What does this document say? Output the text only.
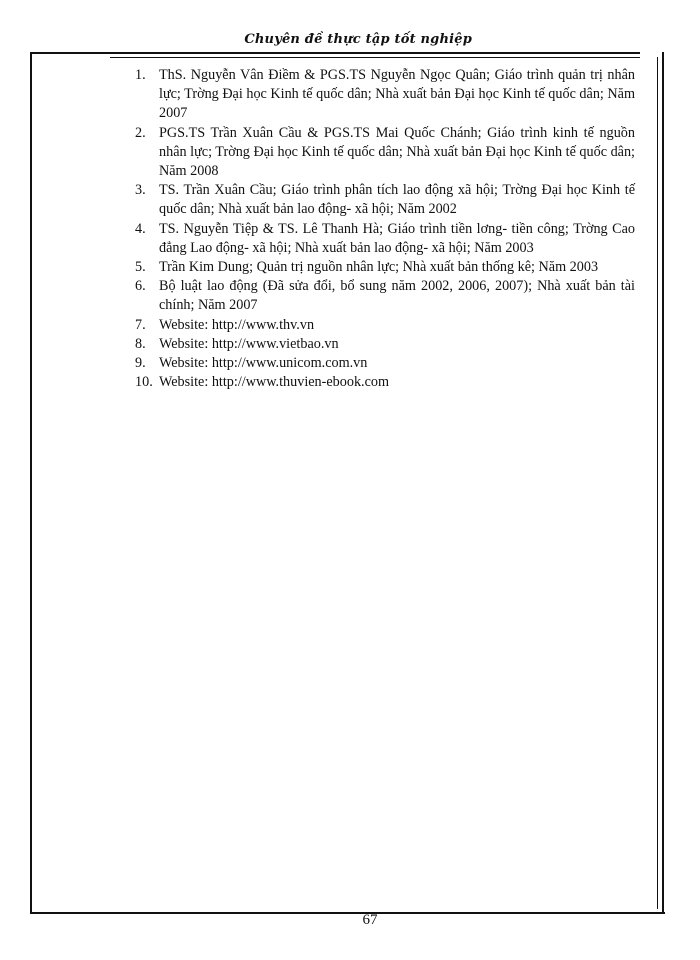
Chuyên đề thực tập tốt nghiệp
1. ThS. Nguyễn Vân Điềm & PGS.TS Nguyễn Ngọc Quân; Giáo trình quản trị nhân lực; Trờng Đại học Kinh tế quốc dân; Nhà xuất bản Đại học Kinh tế quốc dân; Năm 2007
2. PGS.TS Trần Xuân Cầu & PGS.TS Mai Quốc Chánh; Giáo trình kinh tế nguồn nhân lực; Trờng Đại học Kinh tế quốc dân; Nhà xuất bản Đại học Kinh tế quốc dân; Năm 2008
3. TS. Trần Xuân Cầu; Giáo trình phân tích lao động xã hội; Trờng Đại học Kinh tế quốc dân; Nhà xuất bản lao động- xã hội; Năm 2002
4. TS. Nguyễn Tiệp & TS. Lê Thanh Hà; Giáo trình tiền lơng- tiền công; Trờng Cao đẳng Lao động- xã hội; Nhà xuất bản lao động- xã hội; Năm 2003
5. Trần Kim Dung; Quản trị nguồn nhân lực; Nhà xuất bản thống kê; Năm 2003
6. Bộ luật lao động (Đã sửa đổi, bổ sung năm 2002, 2006, 2007); Nhà xuất bản tài chính; Năm 2007
7. Website: http://www.thv.vn
8. Website: http://www.vietbao.vn
9. Website: http://www.unicom.com.vn
10. Website: http://www.thuvien-ebook.com
67
